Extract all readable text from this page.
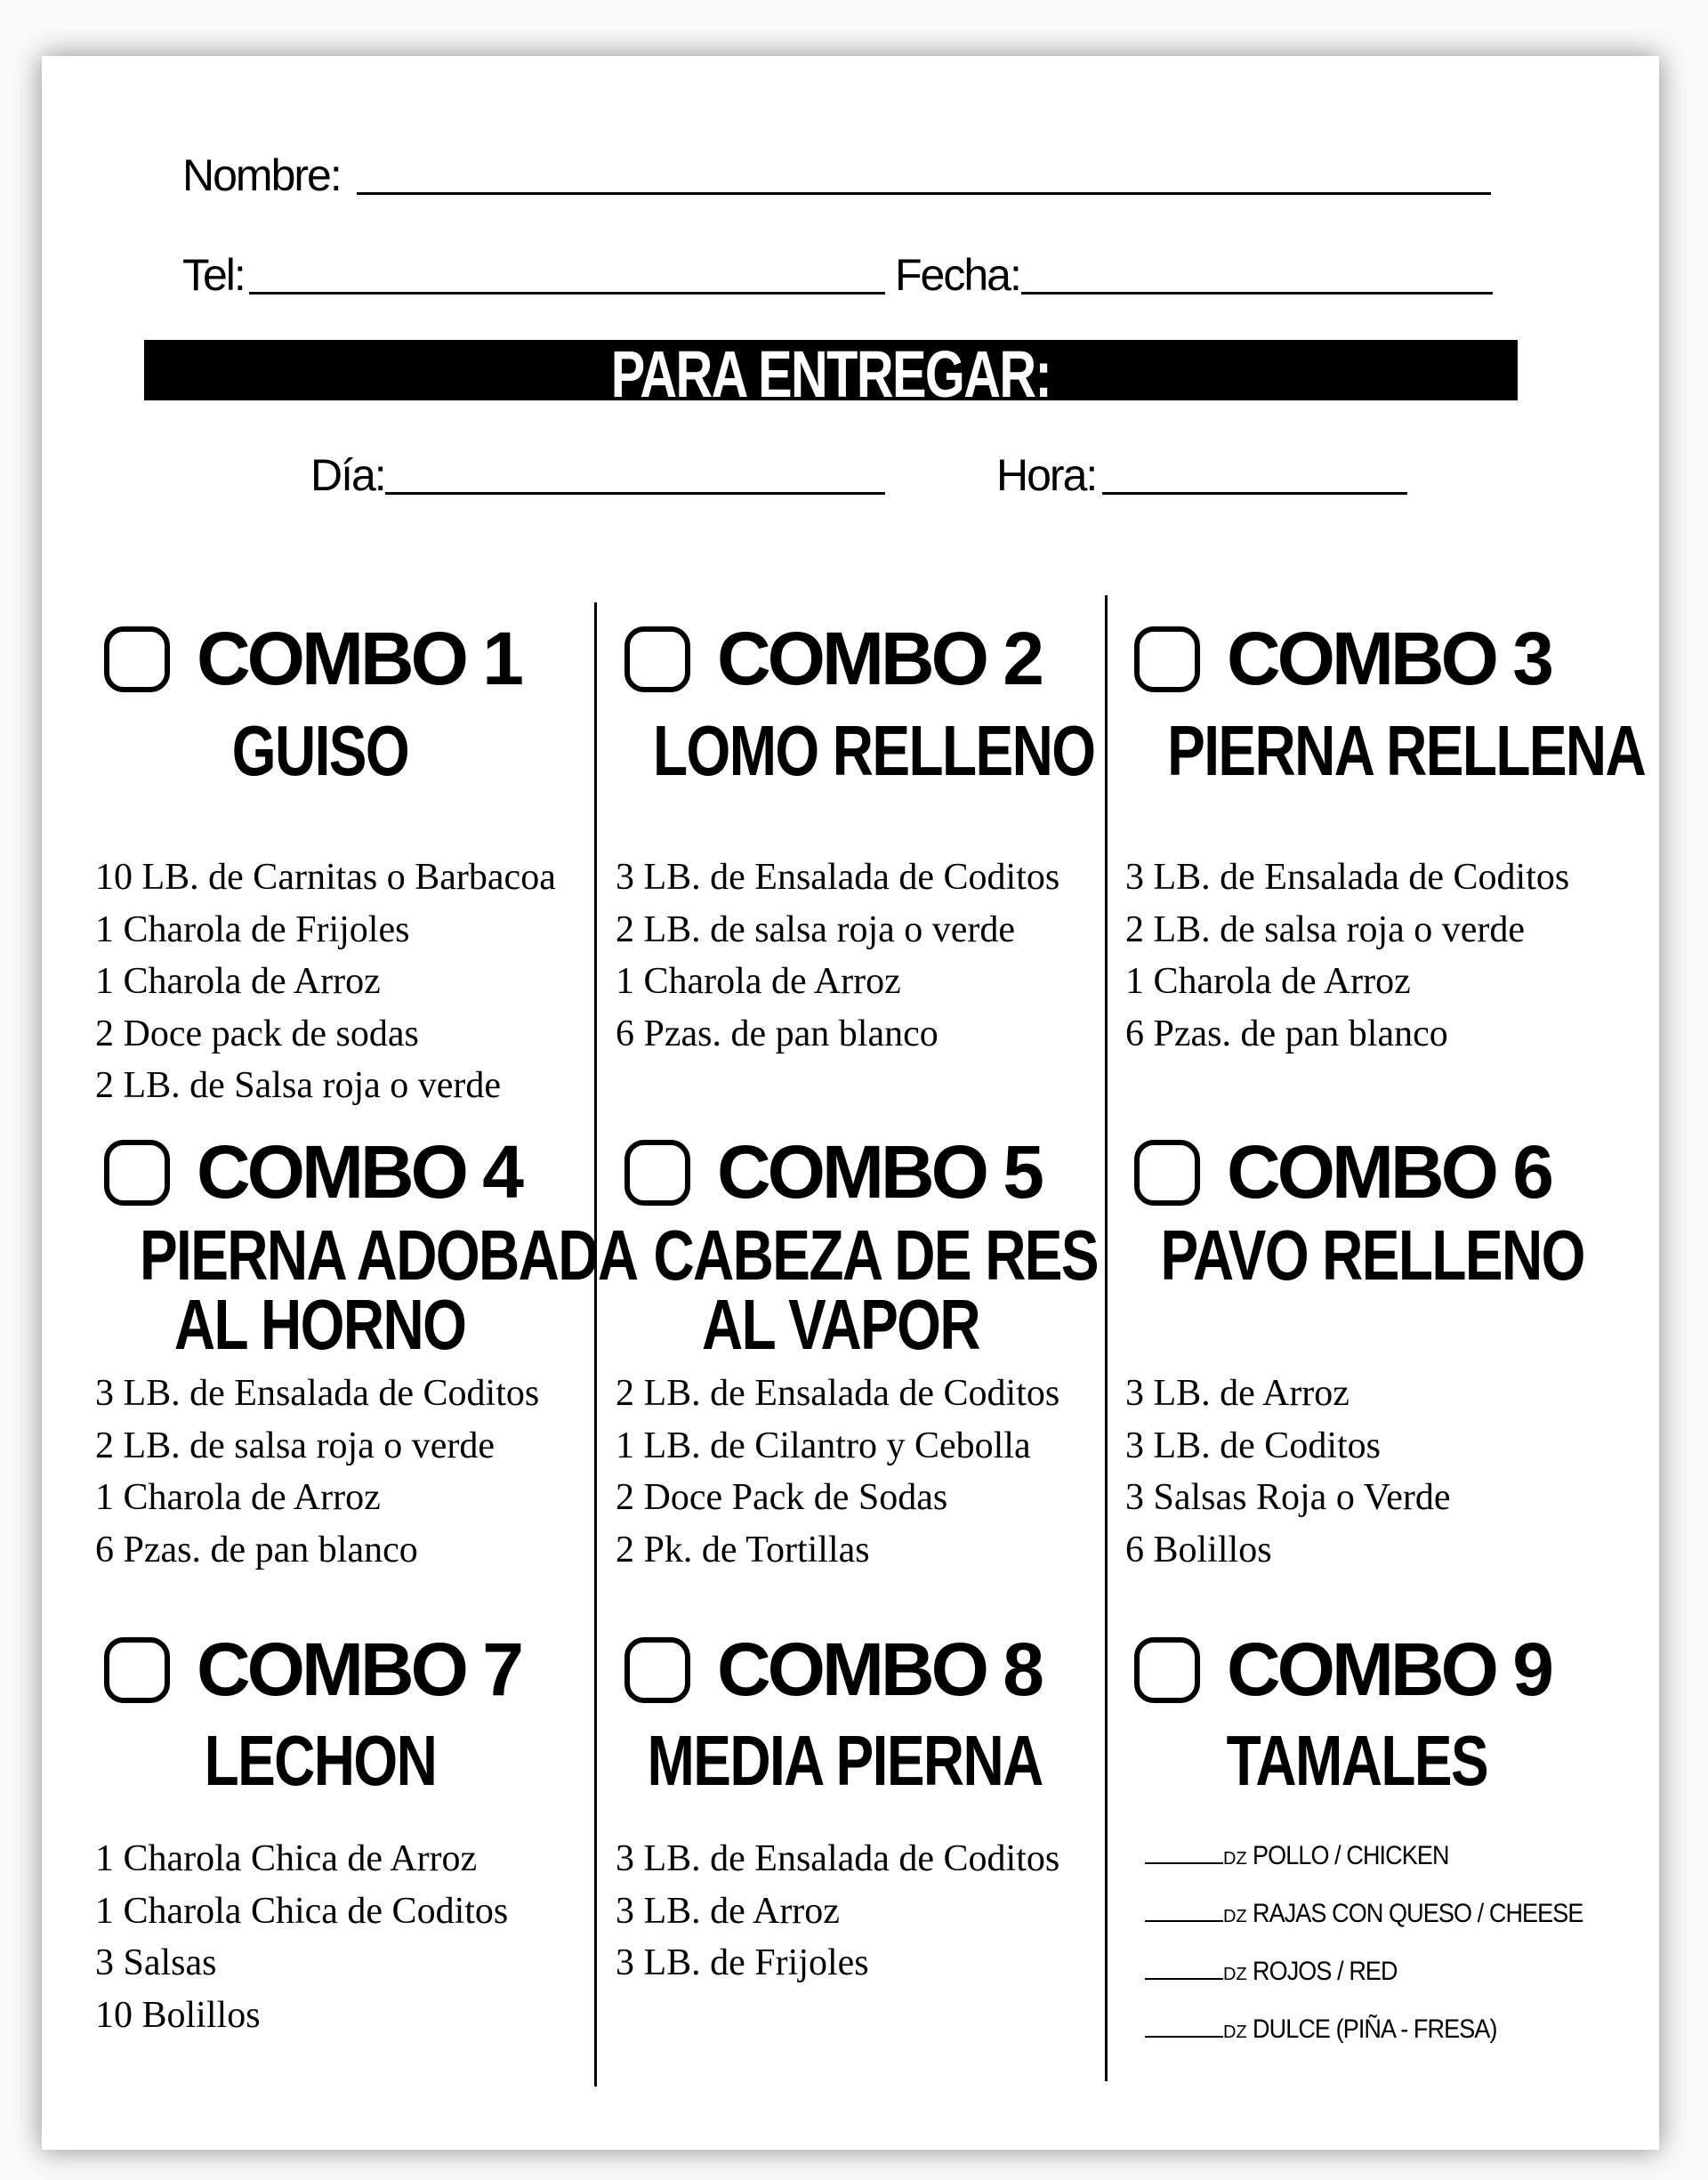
Nombre:
Tel:	Fecha:
PARA ENTREGAR:
Día:	Hora:
COMBO 1
GUISO
10 LB. de Carnitas o Barbacoa
1 Charola de Frijoles
1 Charola de Arroz
2 Doce pack de sodas
2 LB. de Salsa roja o verde
COMBO 2
LOMO RELLENO
3 LB. de Ensalada de Coditos
2 LB. de salsa roja o verde
1 Charola de Arroz
6 Pzas. de pan blanco
COMBO 3
PIERNA RELLENA
3 LB. de Ensalada de Coditos
2 LB. de salsa roja o verde
1 Charola de Arroz
6 Pzas. de pan blanco
COMBO 4
PIERNA ADOBADA
AL HORNO
3 LB. de Ensalada de Coditos
2 LB. de salsa roja o verde
1 Charola de Arroz
6 Pzas. de pan blanco
COMBO 5
CABEZA DE RES
AL VAPOR
2 LB. de Ensalada de Coditos
1 LB. de Cilantro y Cebolla
2 Doce Pack de Sodas
2 Pk. de Tortillas
COMBO 6
PAVO RELLENO
3 LB. de Arroz
3 LB. de Coditos
3 Salsas Roja o Verde
6 Bolillos
COMBO 7
LECHON
1 Charola Chica de Arroz
1 Charola Chica de Coditos
3 Salsas
10 Bolillos
COMBO 8
MEDIA PIERNA
3 LB. de Ensalada de Coditos
3 LB. de Arroz
3 LB. de Frijoles
COMBO 9
TAMALES
DZ POLLO / CHICKEN
DZ RAJAS CON QUESO / CHEESE
DZ ROJOS / RED
DZ DULCE (PIÑA - FRESA)
